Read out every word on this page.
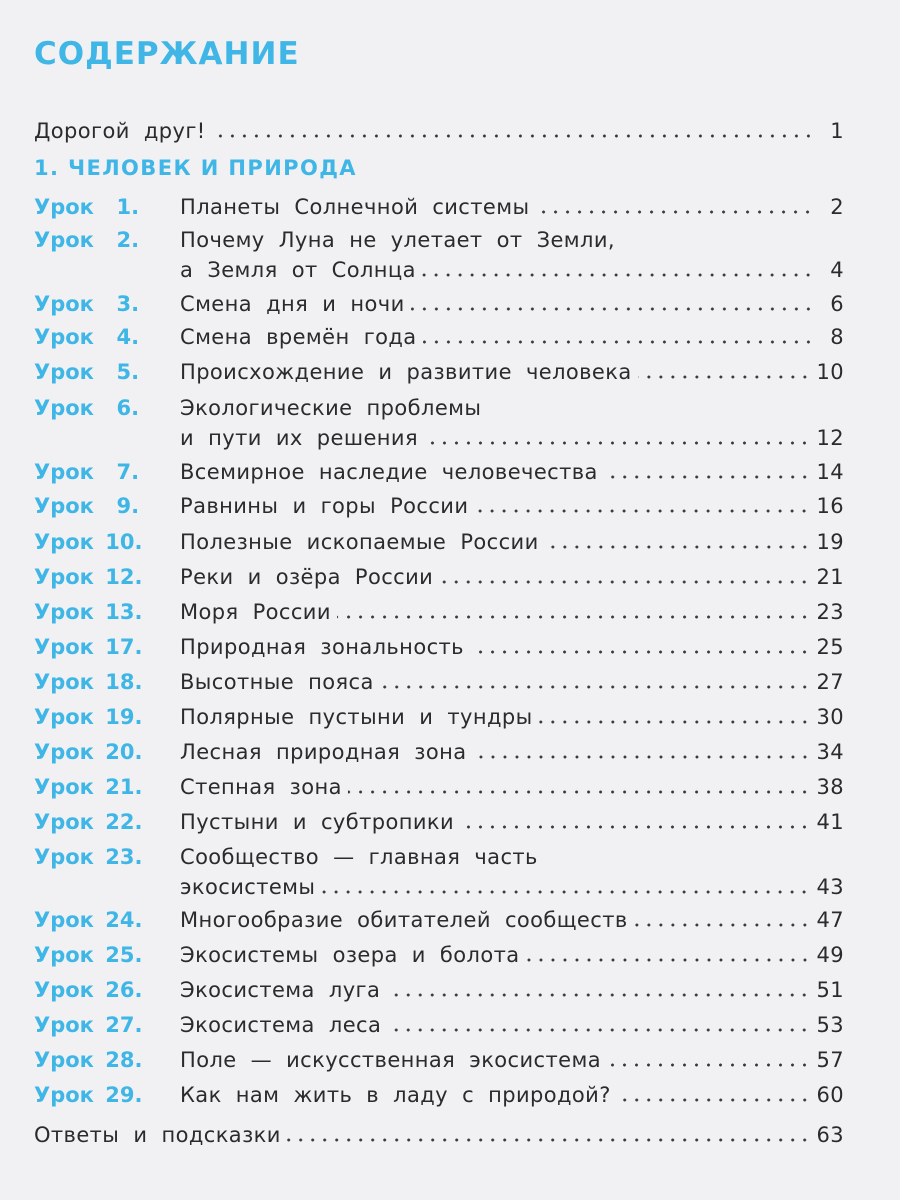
СОДЕРЖАНИЕ
Дорогой друг!	1
1. ЧЕЛОВЕК И ПРИРОДА
Урок  1. Планеты Солнечной системы	2
Урок  2. Почему Луна не улетает от Земли,
а Земля от Солнца	4
Урок  3. Смена дня и ночи	6
Урок  4. Смена времён года	8
Урок  5. Происхождение и развитие человека	10
Урок  6. Экологические проблемы
и пути их решения	12
Урок  7. Всемирное наследие человечества	14
Урок  9. Равнины и горы России	16
Урок 10. Полезные ископаемые России	19
Урок 12. Реки и озёра России	21
Урок 13. Моря России	23
Урок 17. Природная зональность	25
Урок 18. Высотные пояса	27
Урок 19. Полярные пустыни и тундры	30
Урок 20. Лесная природная зона	34
Урок 21. Степная зона	38
Урок 22. Пустыни и субтропики	41
Урок 23. Сообщество — главная часть
экосистемы	43
Урок 24. Многообразие обитателей сообществ	47
Урок 25. Экосистемы озера и болота	49
Урок 26. Экосистема луга	51
Урок 27. Экосистема леса	53
Урок 28. Поле — искусственная экосистема	57
Урок 29. Как нам жить в ладу с природой?	60
Ответы и подсказки	63
